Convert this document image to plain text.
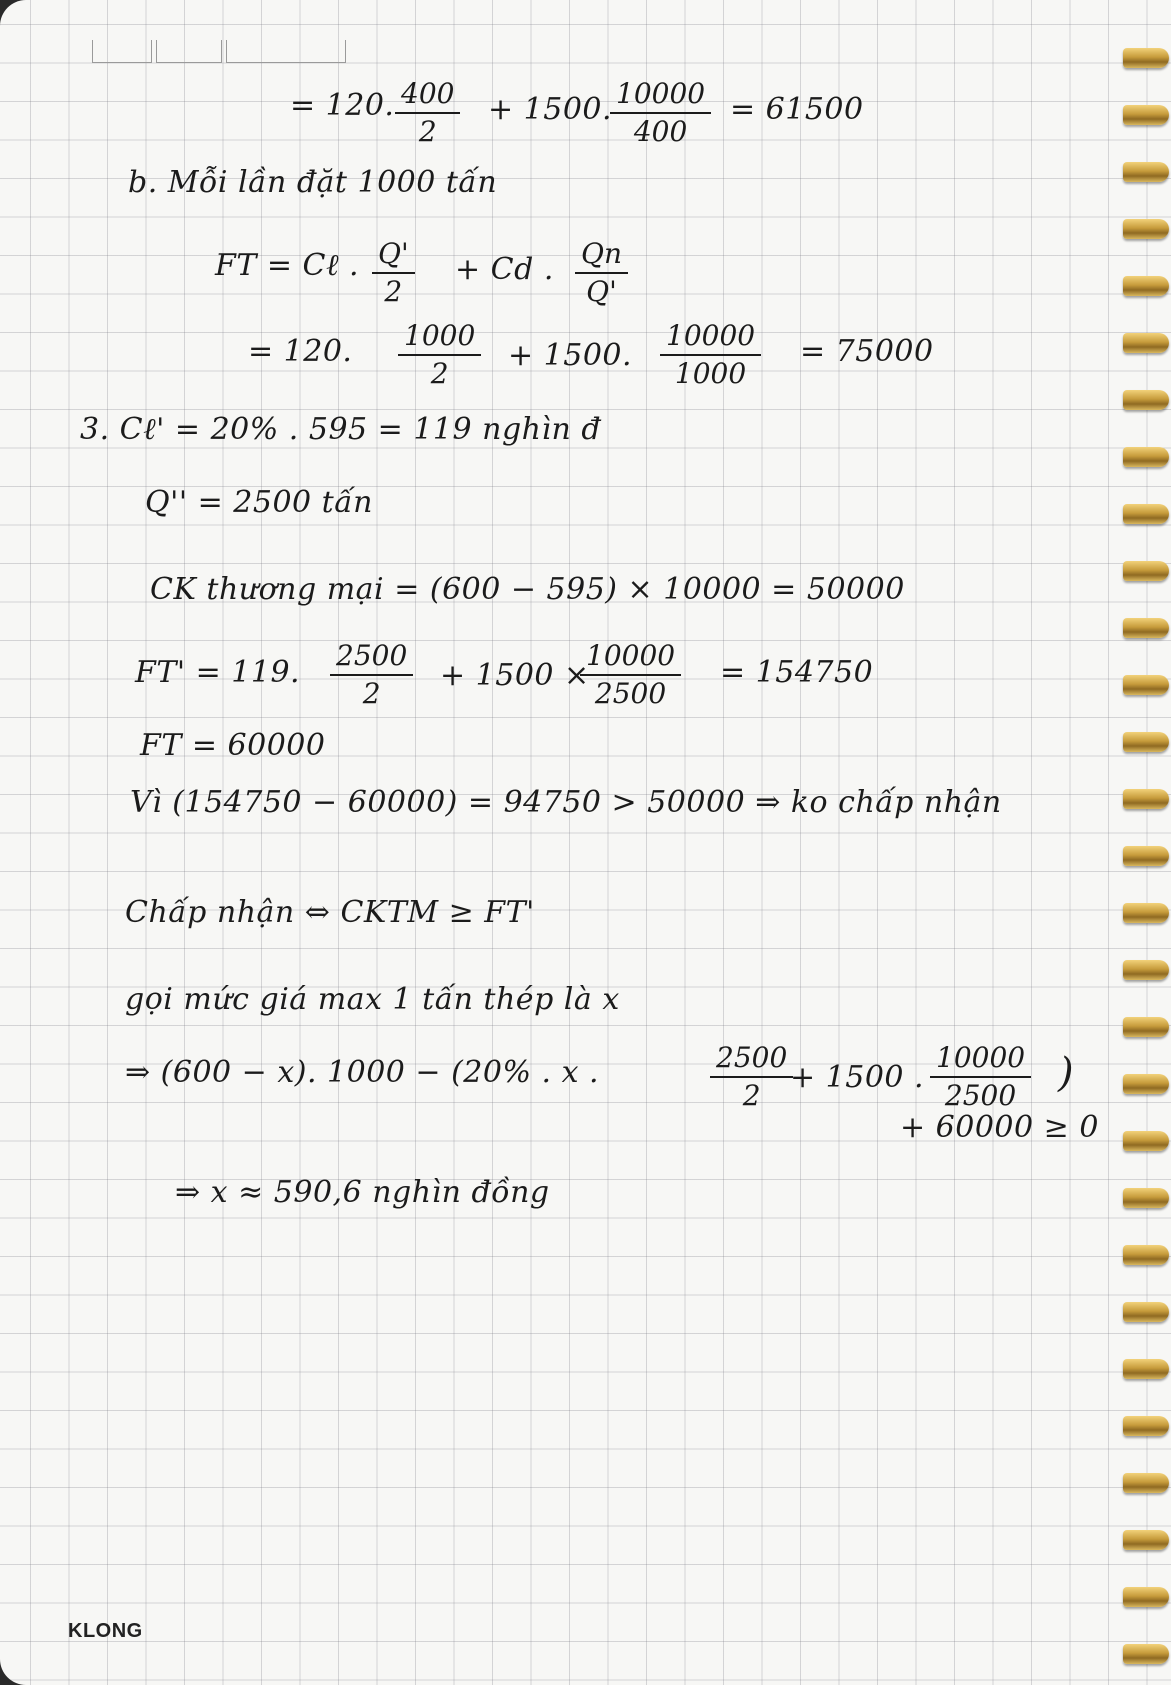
= 120. $\frac{400}{2} + 1500$.
$\frac{10000}{400} = 61500$
b. Mỗi lần đặt 1000 tấn
FT = Cℓ . $\frac{Q'}{2} + Cd$ . $\frac{Qn}{Q'}$
= 120. $\frac{1000}{2} + 1500$. $\frac{10000}{1000} = 75000$
3. Cℓ' = 20% . 595 = 119 nghìn đ
Q'' = 2500 tấn
CK thương mại = (600 − 595) × 10000 = 50000
FT' = 119. $\frac{2500}{2} + 1500$ ×
$\frac{10000}{2500} = 154750$
FT = 60000
Vì (154750 − 60000) = 94750 > 50000 ⇒ ko chấp nhận
Chấp nhận ⇔ CKTM ≥ FT'
gọi mức giá max 1 tấn thép là x
⇒ (600 − x). 1000 − (20% . x .	$\frac{2500}{2}$
+ 1500 . $\frac{10000}{2500}$ )
+ 60000 ≥ 0
⇒ x ≈ 590,6 nghìn đồng
KLONG
